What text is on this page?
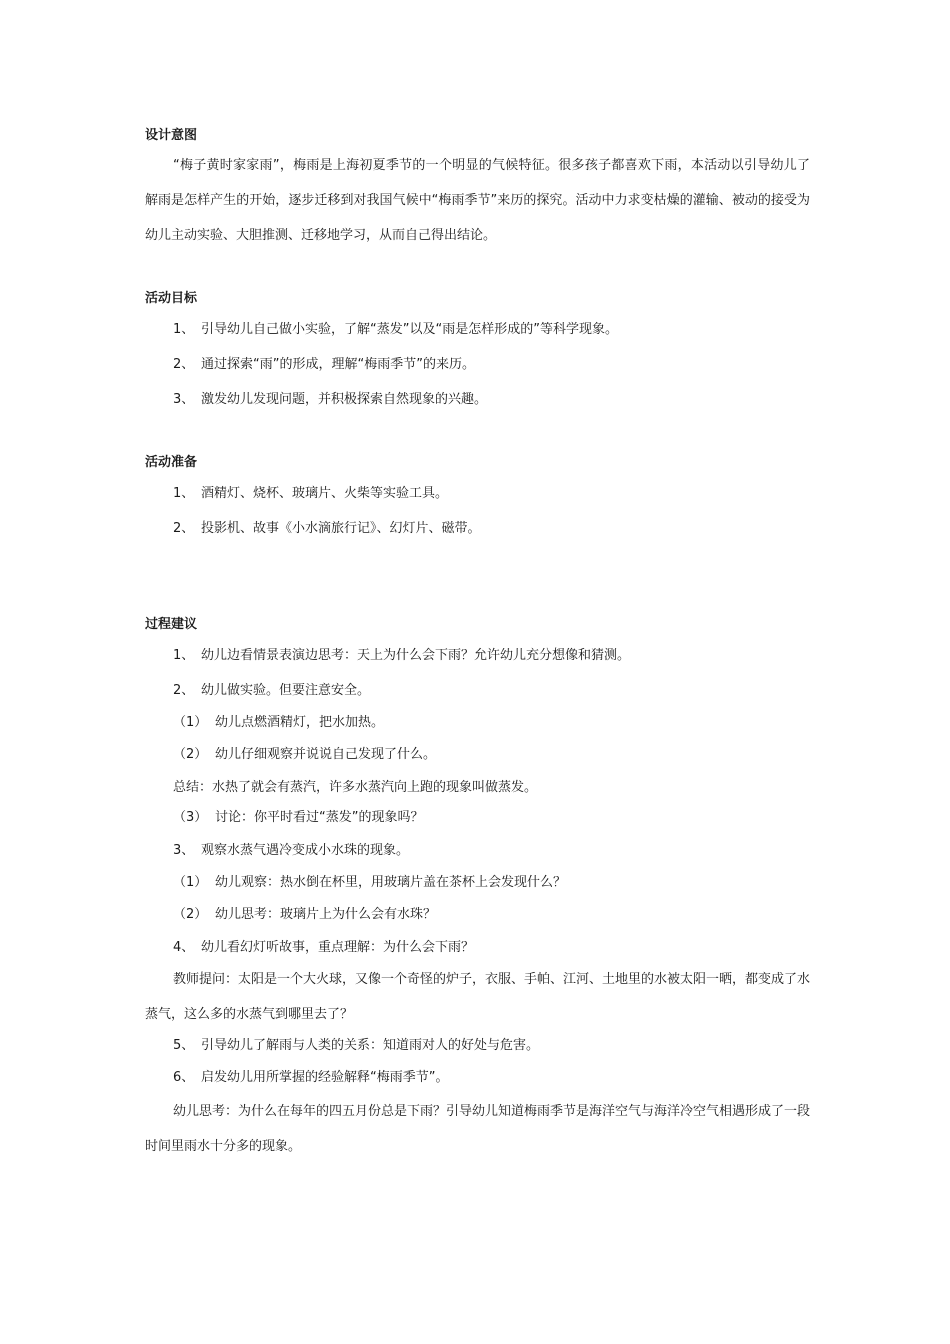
设计意图
“梅子黄时家家雨”，梅雨是上海初夏季节的一个明显的气候特征。很多孩子都喜欢下雨，本活动以引导幼儿了解雨是怎样产生的开始，逐步迁移到对我国气候中“梅雨季节”来历的探究。活动中力求变枯燥的灌输、被动的接受为幼儿主动实验、大胆推测、迁移地学习，从而自己得出结论。
活动目标
1、 引导幼儿自己做小实验，了解“蒸发”以及“雨是怎样形成的”等科学现象。
2、 通过探索“雨”的形成，理解“梅雨季节”的来历。
3、 激发幼儿发现问题，并积极探索自然现象的兴趣。
活动准备
1、 酒精灯、烧杯、玻璃片、火柴等实验工具。
2、 投影机、故事《小水滴旅行记》、幻灯片、磁带。
过程建议
1、 幼儿边看情景表演边思考：天上为什么会下雨？允许幼儿充分想像和猜测。
2、 幼儿做实验。但要注意安全。
（1） 幼儿点燃酒精灯，把水加热。
（2） 幼儿仔细观察并说说自己发现了什么。
总结：水热了就会有蒸汽，许多水蒸汽向上跑的现象叫做蒸发。
（3） 讨论：你平时看过“蒸发”的现象吗？
3、 观察水蒸气遇冷变成小水珠的现象。
（1） 幼儿观察：热水倒在杯里，用玻璃片盖在茶杯上会发现什么？
（2） 幼儿思考：玻璃片上为什么会有水珠？
4、 幼儿看幻灯听故事，重点理解：为什么会下雨？
教师提问：太阳是一个大火球，又像一个奇怪的炉子，衣服、手帕、江河、土地里的水被太阳一晒，都变成了水蒸气，这么多的水蒸气到哪里去了？
5、 引导幼儿了解雨与人类的关系：知道雨对人的好处与危害。
6、 启发幼儿用所掌握的经验解释“梅雨季节”。
幼儿思考：为什么在每年的四五月份总是下雨？引导幼儿知道梅雨季节是海洋空气与海洋冷空气相遇形成了一段时间里雨水十分多的现象。
